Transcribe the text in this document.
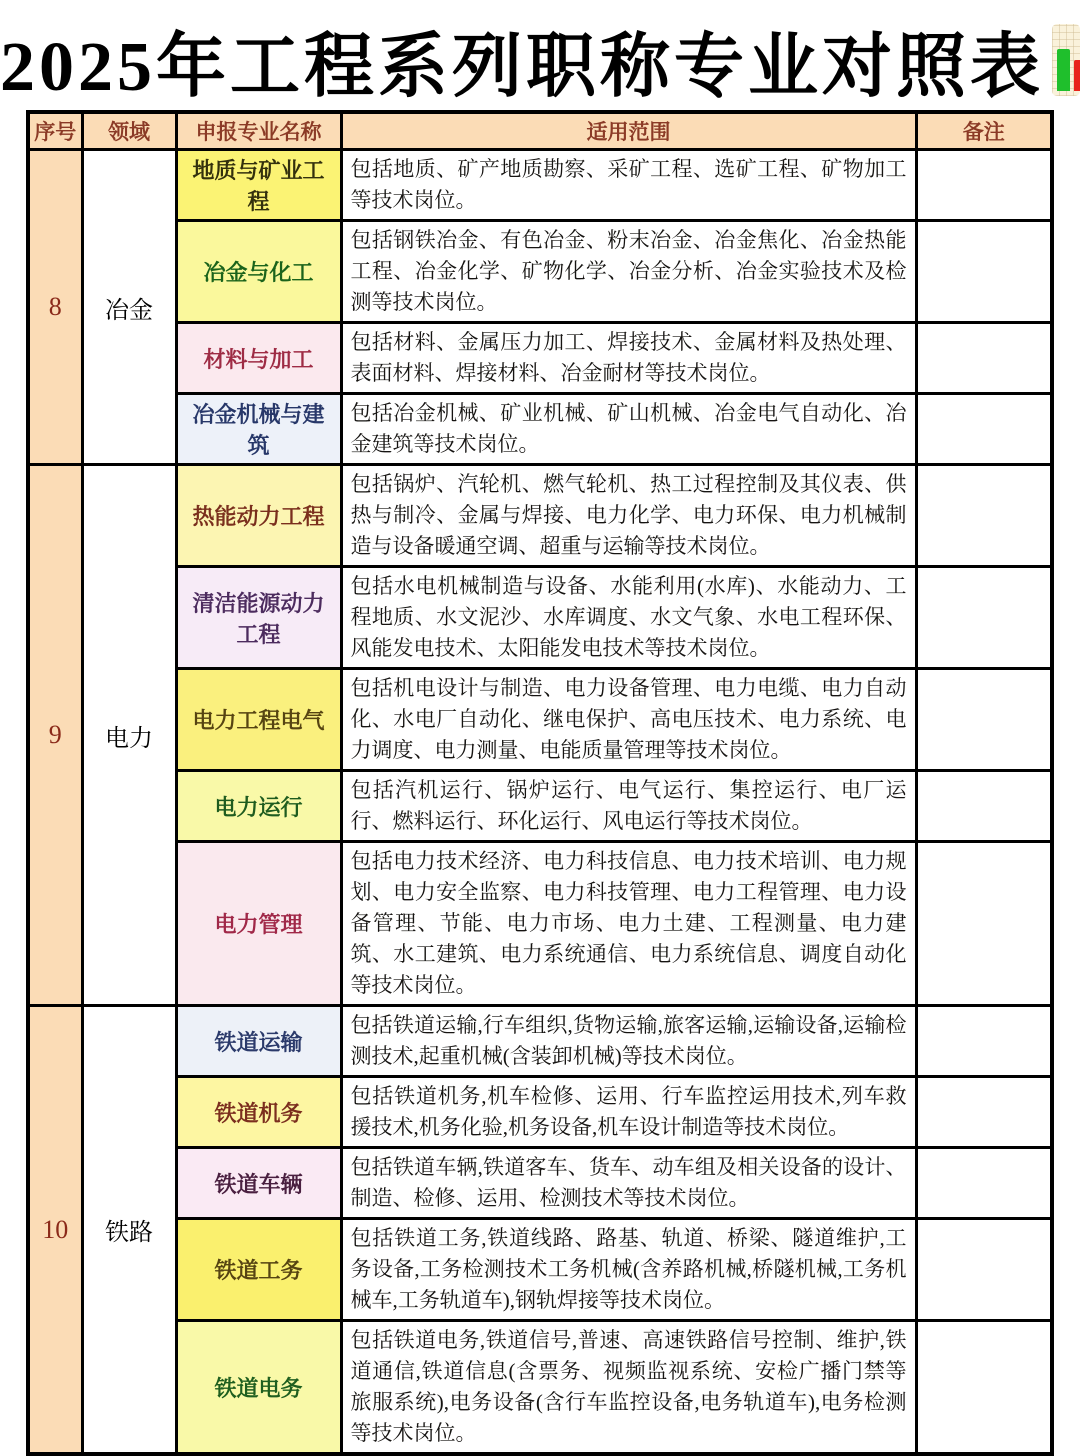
2025年工程系列职称专业对照表
序号	领域	申报专业名称	适用范围	备注
8	冶金	地质与矿业工程	包括地质、矿产地质勘察、采矿工程、选矿工程、矿物加工等技术岗位。	
		冶金与化工	包括钢铁冶金、有色冶金、粉末冶金、冶金焦化、冶金热能工程、冶金化学、矿物化学、冶金分析、冶金实验技术及检测等技术岗位。	
		材料与加工	包括材料、金属压力加工、焊接技术、金属材料及热处理、表面材料、焊接材料、冶金耐材等技术岗位。	
		冶金机械与建筑	包括冶金机械、矿业机械、矿山机械、冶金电气自动化、冶金建筑等技术岗位。	
9	电力	热能动力工程	包括锅炉、汽轮机、燃气轮机、热工过程控制及其仪表、供热与制冷、金属与焊接、电力化学、电力环保、电力机械制造与设备暖通空调、超重与运输等技术岗位。	
		清洁能源动力工程	包括水电机械制造与设备、水能利用(水库)、水能动力、工程地质、水文泥沙、水库调度、水文气象、水电工程环保、风能发电技术、太阳能发电技术等技术岗位。	
		电力工程电气	包括机电设计与制造、电力设备管理、电力电缆、电力自动化、水电厂自动化、继电保护、高电压技术、电力系统、电力调度、电力测量、电能质量管理等技术岗位。	
		电力运行	包括汽机运行、锅炉运行、电气运行、集控运行、电厂运行、燃料运行、环化运行、风电运行等技术岗位。	
		电力管理	包括电力技术经济、电力科技信息、电力技术培训、电力规划、电力安全监察、电力科技管理、电力工程管理、电力设备管理、节能、电力市场、电力土建、工程测量、电力建筑、水工建筑、电力系统通信、电力系统信息、调度自动化等技术岗位。	
10	铁路	铁道运输	包括铁道运输,行车组织,货物运输,旅客运输,运输设备,运输检测技术,起重机械(含装卸机械)等技术岗位。	
		铁道机务	包括铁道机务,机车检修、运用、行车监控运用技术,列车救援技术,机务化验,机务设备,机车设计制造等技术岗位。	
		铁道车辆	包括铁道车辆,铁道客车、货车、动车组及相关设备的设计、制造、检修、运用、检测技术等技术岗位。	
		铁道工务	包括铁道工务,铁道线路、路基、轨道、桥梁、隧道维护,工务设备,工务检测技术工务机械(含养路机械,桥隧机械,工务机械车,工务轨道车),钢轨焊接等技术岗位。	
		铁道电务	包括铁道电务,铁道信号,普速、高速铁路信号控制、维护,铁道通信,铁道信息(含票务、视频监视系统、安检广播门禁等旅服系统),电务设备(含行车监控设备,电务轨道车),电务检测等技术岗位。	
